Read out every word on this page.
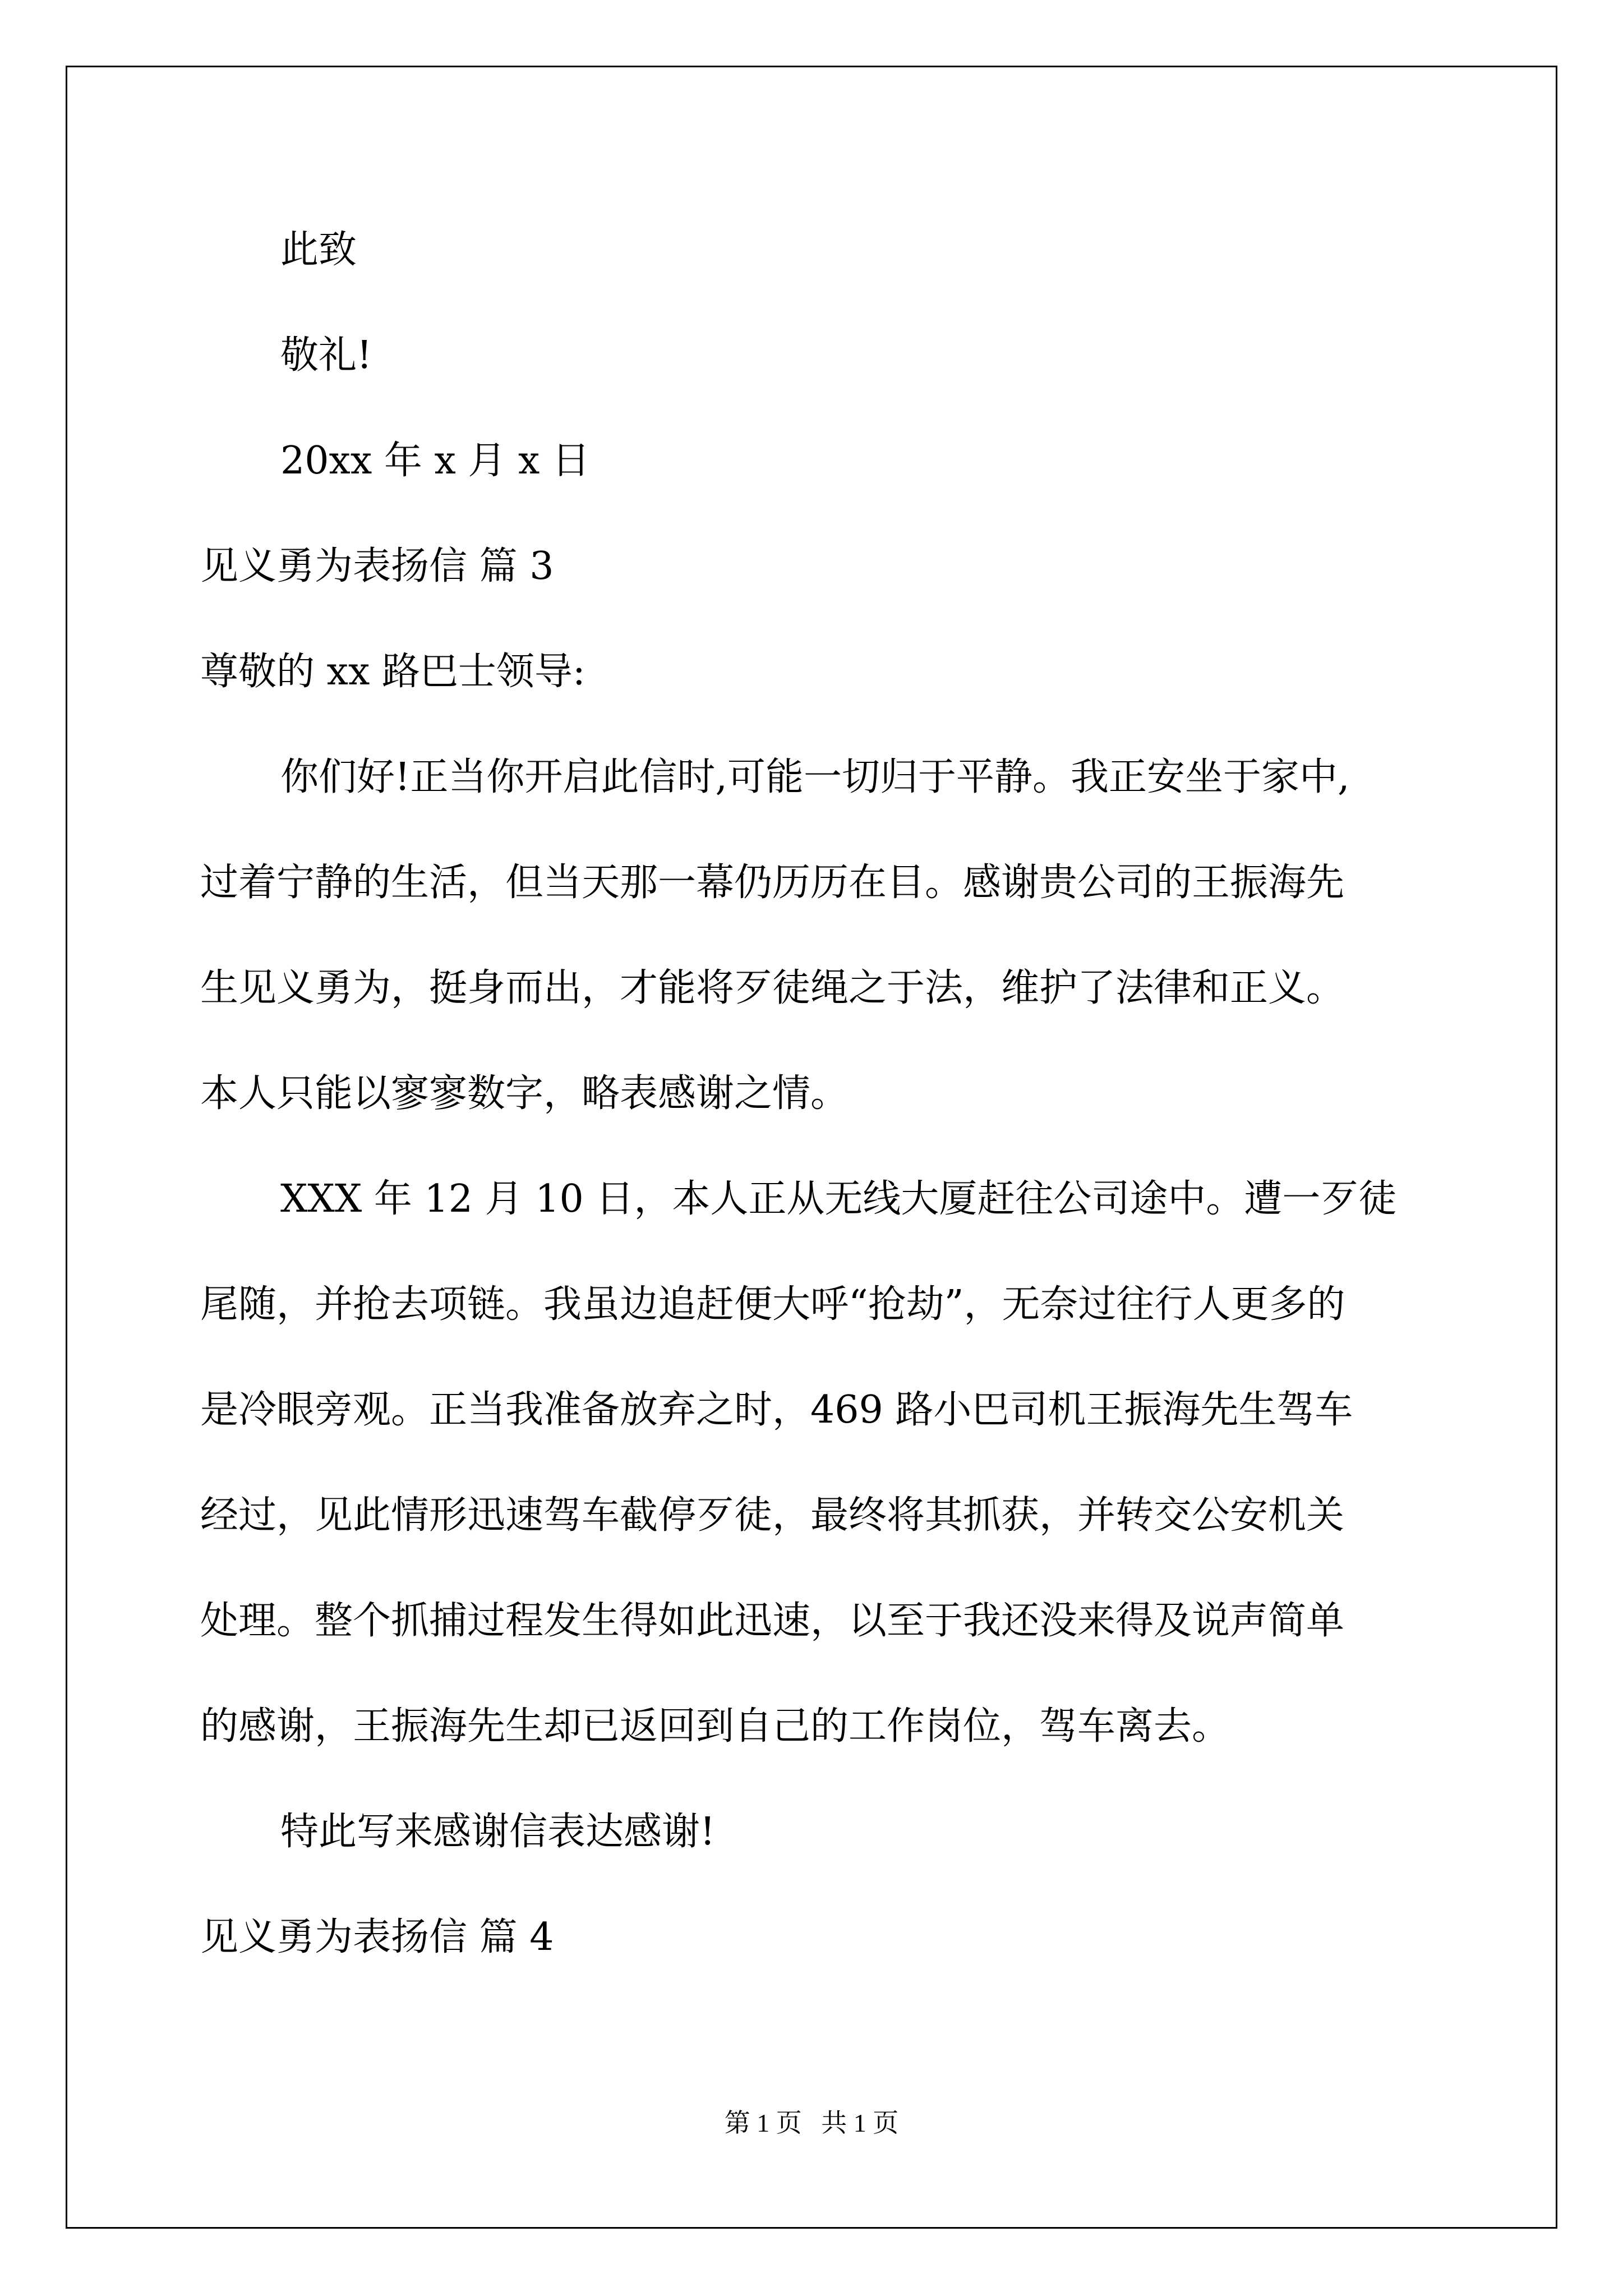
此致
敬礼!
20xx 年 x 月 x 日
见义勇为表扬信 篇 3
尊敬的 xx 路巴士领导:
你们好!正当你开启此信时,可能一切归于平静。我正安坐于家中,
过着宁静的生活，但当天那一幕仍历历在目。感谢贵公司的王振海先
生见义勇为，挺身而出，才能将歹徒绳之于法，维护了法律和正义。
本人只能以寥寥数字，略表感谢之情。
XXX 年 12 月 10 日，本人正从无线大厦赶往公司途中。遭一歹徒
尾随，并抢去项链。我虽边追赶便大呼“抢劫”，无奈过往行人更多的
是冷眼旁观。正当我准备放弃之时，469 路小巴司机王振海先生驾车
经过，见此情形迅速驾车截停歹徒，最终将其抓获，并转交公安机关
处理。整个抓捕过程发生得如此迅速，以至于我还没来得及说声简单
的感谢，王振海先生却已返回到自己的工作岗位，驾车离去。
特此写来感谢信表达感谢!
见义勇为表扬信 篇 4
第 1 页   共 1 页
